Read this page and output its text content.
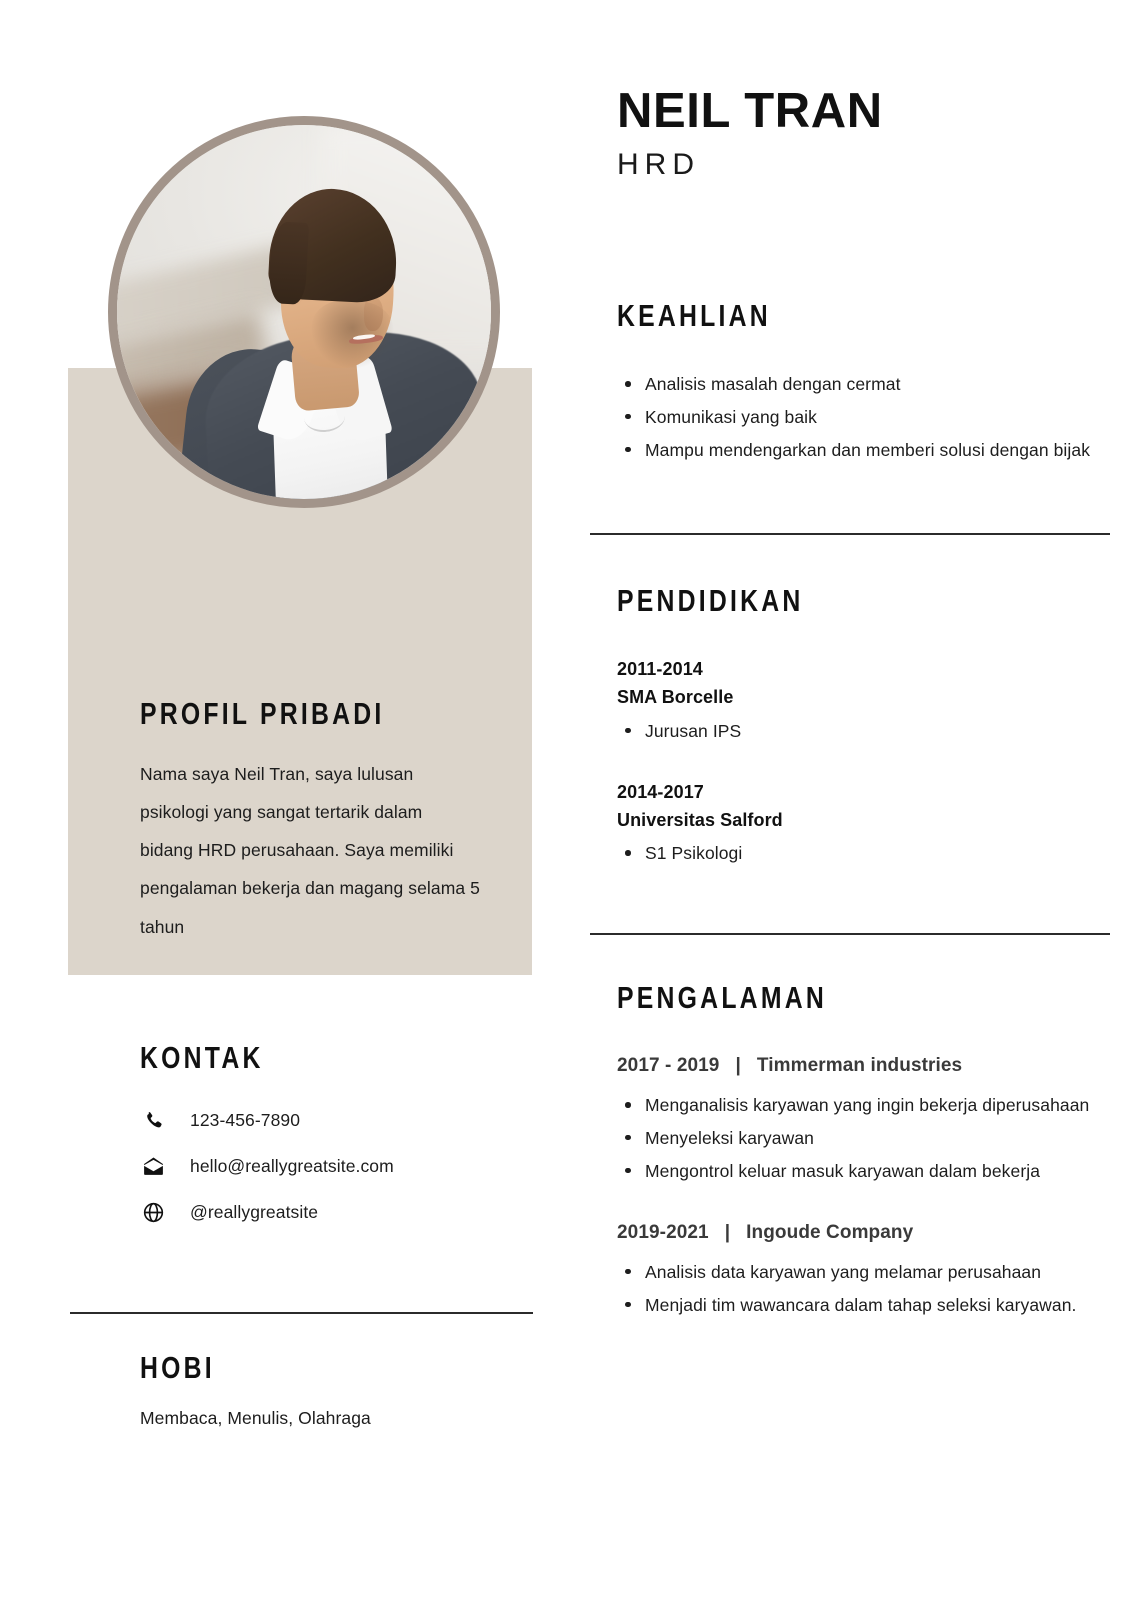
PROFIL PRIBADI
Nama saya Neil Tran, saya lulusan psikologi yang sangat tertarik dalam bidang HRD perusahaan. Saya memiliki pengalaman bekerja dan magang selama 5 tahun
KONTAK
123-456-7890
hello@reallygreatsite.com
@reallygreatsite
HOBI
Membaca, Menulis, Olahraga
NEIL TRAN
HRD
KEAHLIAN
Analisis masalah dengan cermat
Komunikasi yang baik
Mampu mendengarkan dan memberi solusi dengan bijak
PENDIDIKAN
2011-2014
SMA Borcelle
Jurusan IPS
2014-2017
Universitas Salford
S1 Psikologi
PENGALAMAN
2017 - 2019 | Timmerman industries
Menganalisis karyawan yang ingin bekerja diperusahaan
Menyeleksi karyawan
Mengontrol keluar masuk karyawan dalam bekerja
2019-2021 | Ingoude Company
Analisis data karyawan yang melamar perusahaan
Menjadi tim wawancara dalam tahap seleksi karyawan.
